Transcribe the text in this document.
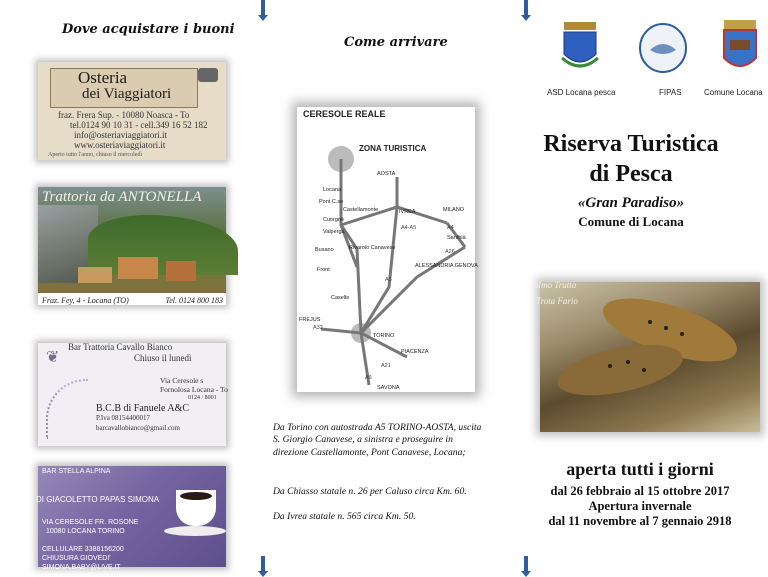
Dove acquistare i buoni
Osteria
dei Viaggiatori
fraz. Frera Sup. - 10080 Noasca - To
tel.0124 90 10 31 - cell.349 16 52 182
info@osteriaviaggiatori.it
www.osteriaviaggiatori.it
Aperto tutto l'anno, chiuso il mercoledì
Trattoria da ANTONELLA
Fraz. Fey, 4 - Locana (TO)	Tel. 0124 800 183
❦
Bar Trattoria Cavallo Bianco
Chiuso il lunedì
Via Ceresole s
Fornolosa Locana - To
0124 / 8001
B.C.B di Fanuele A&C
P.Iva 08154400017
barcavallobianco@gmail.com
BAR STELLA ALPINA
DI GIACOLETTO PAPAS SIMONA
VIA CERESOLE FR. ROSONE
10080 LOCANA TORINO
CELLULARE 3388156200
CHIUSURA GIOVEDI'
SIMONA.BABY@LIVE.IT
Come arrivare
CERESOLE REALE
ZONA TURISTICA
Locana
Pont C.se
Cuorgnè
Valperga
Busano	Rivarolo Canavese
Front
Caselle
Castellamonte	IVREA
AOSTA
MILANO
Santhià
ALESSANDRIA GENOVA
FREJUS
TORINO
PIACENZA
SAVONA
A4-A5	A4
A5
A26
A32
A21
A6
Da Torino con autostrada A5 TORINO-AOSTA, uscita S. Giorgio Canavese, a sinistra e proseguire in direzione Castellamonte, Pont Canavese, Locana;
Da Chiasso statale n. 26 per Caluso circa Km. 60.
Da Ivrea statale n. 565 circa Km. 50.
ASD Locana pesca	FIPAS	Comune Locana
Riserva Turistica
di Pesca
«Gran Paradiso»
Comune di Locana
almo Trutta
Trota Fario
aperta tutti i giorni
dal 26 febbraio al 15 ottobre 2017
Apertura invernale
dal 11 novembre al 7 gennaio 2918
